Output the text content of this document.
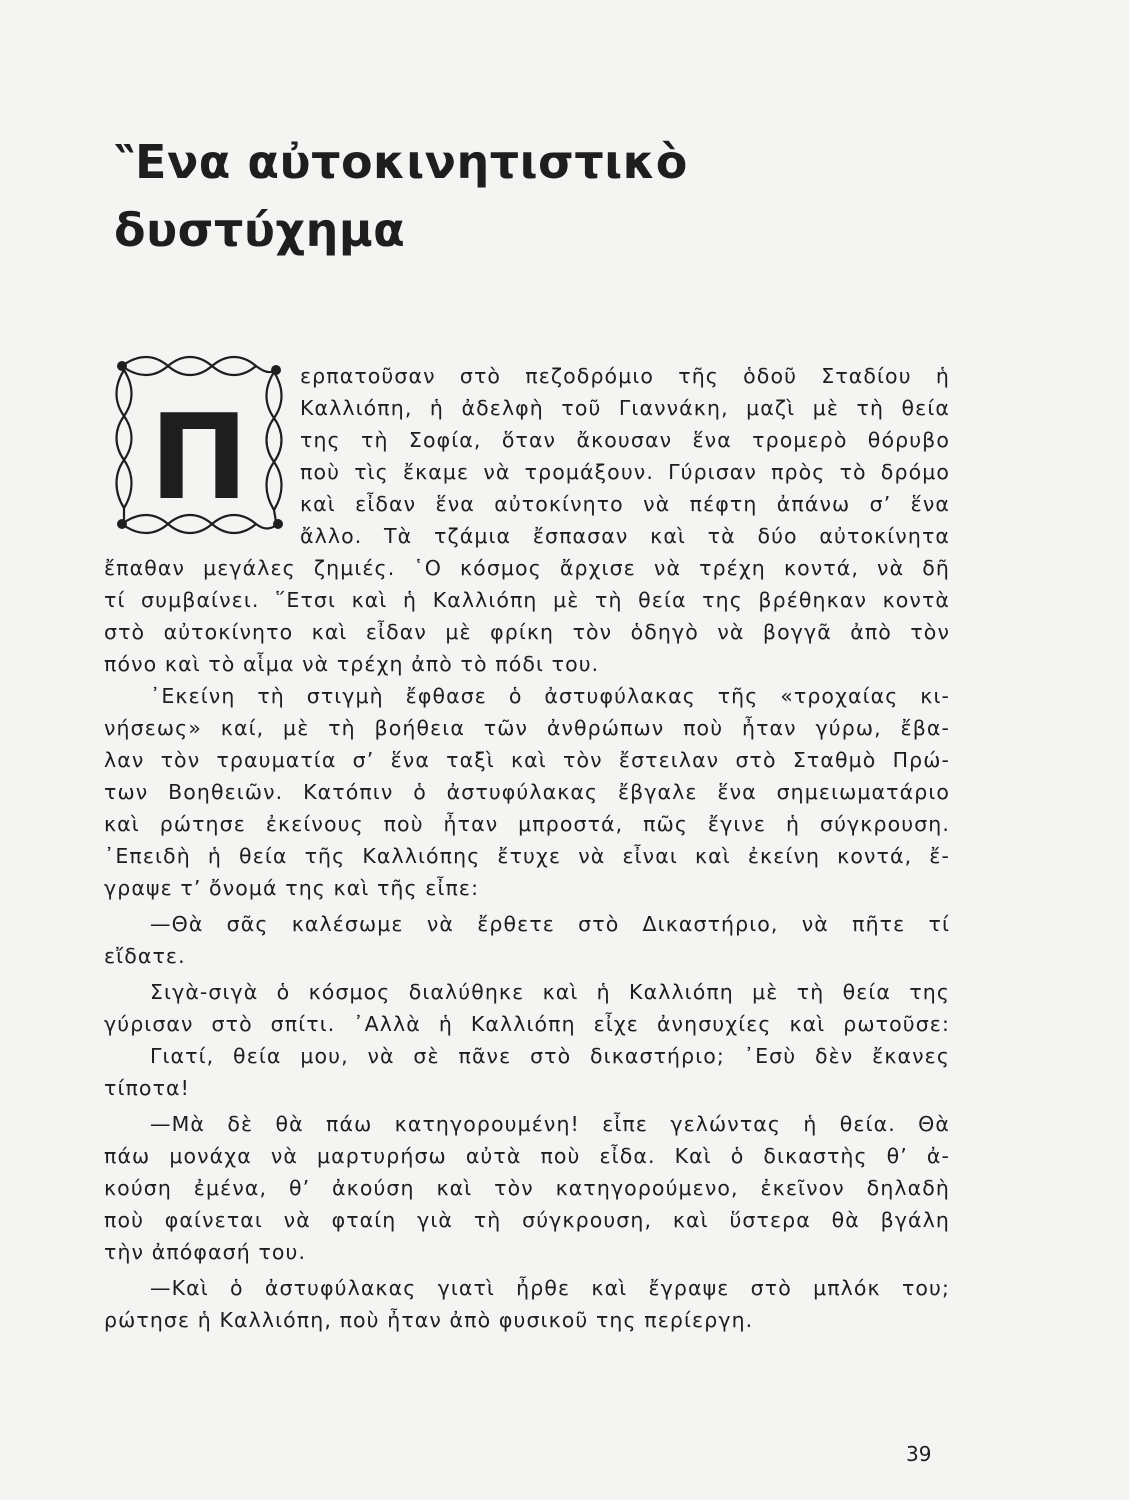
‶Ενα αὐτοκινητιστικὸ
δυστύχημα
Π
ερπατοῦσαν στὸ πεζοδρόμιο τῆς ὁδοῦ Σταδίου ἡ
Καλλιόπη, ἡ ἀδελφὴ τοῦ Γιαννάκη, μαζὶ μὲ τὴ θεία
της τὴ Σοφία, ὅταν ἄκουσαν ἕνα τρομερὸ θόρυβο
ποὺ τὶς ἔκαμε νὰ τρομάξουν. Γύρισαν πρὸς τὸ δρόμο
καὶ εἶδαν ἕνα αὐτοκίνητο νὰ πέφτη ἀπάνω σ’ ἕνα
ἄλλο. Τὰ τζάμια ἔσπασαν καὶ τὰ δύο αὐτοκίνητα
ἔπαθαν μεγάλες ζημιές. ῾Ο κόσμος ἄρχισε νὰ τρέχη κοντά, νὰ δῆ
τί συμβαίνει. ῞Ετσι καὶ ἡ Καλλιόπη μὲ τὴ θεία της βρέθηκαν κοντὰ
στὸ αὐτοκίνητο καὶ εἶδαν μὲ φρίκη τὸν ὁδηγὸ νὰ βογγᾶ ἀπὸ τὸν
πόνο καὶ τὸ αἷμα νὰ τρέχη ἀπὸ τὸ πόδι του.
᾿Εκείνη τὴ στιγμὴ ἔφθασε ὁ ἀστυφύλακας τῆς «τροχαίας κι-
νήσεως» καί, μὲ τὴ βοήθεια τῶν ἀνθρώπων ποὺ ἦταν γύρω, ἔβα-
λαν τὸν τραυματία σ’ ἕνα ταξὶ καὶ τὸν ἔστειλαν στὸ Σταθμὸ Πρώ-
των Βοηθειῶν. Κατόπιν ὁ ἀστυφύλακας ἔβγαλε ἕνα σημειωματάριο
καὶ ρώτησε ἐκείνους ποὺ ἦταν μπροστά, πῶς ἔγινε ἡ σύγκρουση.
᾿Επειδὴ ἡ θεία τῆς Καλλιόπης ἔτυχε νὰ εἶναι καὶ ἐκείνη κοντά, ἔ-
γραψε τ’ ὄνομά της καὶ τῆς εἶπε:
—Θὰ σᾶς καλέσωμε νὰ ἔρθετε στὸ Δικαστήριο, νὰ πῆτε τί
εἴδατε.
Σιγὰ-σιγὰ ὁ κόσμος διαλύθηκε καὶ ἡ Καλλιόπη μὲ τὴ θεία της
γύρισαν στὸ σπίτι. ᾿Αλλὰ ἡ Καλλιόπη εἶχε ἀνησυχίες καὶ ρωτοῦσε:
Γιατί, θεία μου, νὰ σὲ πᾶνε στὸ δικαστήριο; ᾿Εσὺ δὲν ἔκανες
τίποτα!
—Μὰ δὲ θὰ πάω κατηγορουμένη! εἶπε γελώντας ἡ θεία. Θὰ
πάω μονάχα νὰ μαρτυρήσω αὐτὰ ποὺ εἶδα. Καὶ ὁ δικαστὴς θ’ ἀ-
κούση ἐμένα, θ’ ἀκούση καὶ τὸν κατηγορούμενο, ἐκεῖνον δηλαδὴ
ποὺ φαίνεται νὰ φταίη γιὰ τὴ σύγκρουση, καὶ ὕστερα θὰ βγάλη
τὴν ἀπόφασή του.
—Καὶ ὁ ἀστυφύλακας γιατὶ ἦρθε καὶ ἔγραψε στὸ μπλόκ του;
ρώτησε ἡ Καλλιόπη, ποὺ ἦταν ἀπὸ φυσικοῦ της περίεργη.
39
